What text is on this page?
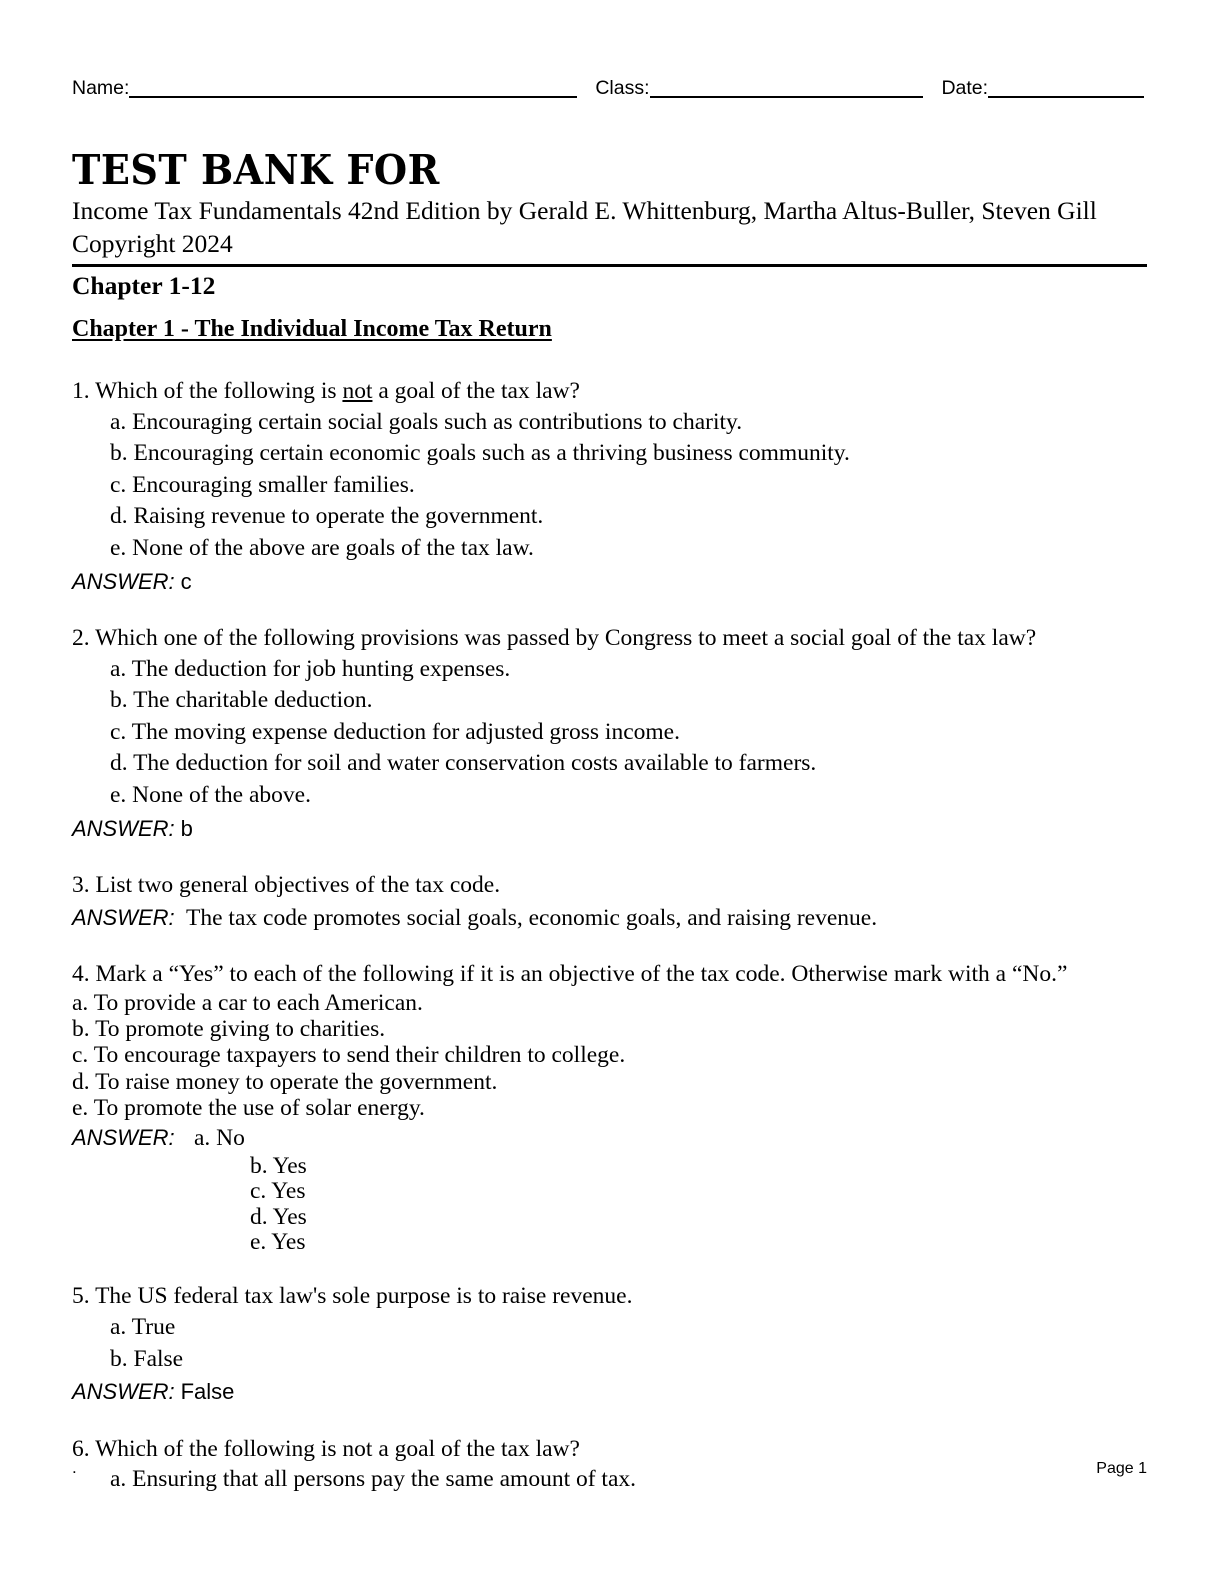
Name:	Class:	Date:
TEST BANK FOR
Income Tax Fundamentals 42nd Edition by Gerald E. Whittenburg, Martha Altus-Buller, Steven Gill
Copyright 2024
Chapter 1-12
Chapter 1 - The Individual Income Tax Return
1. Which of the following is not a goal of the tax law?
a. Encouraging certain social goals such as contributions to charity.
b. Encouraging certain economic goals such as a thriving business community.
c. Encouraging smaller families.
d. Raising revenue to operate the government.
e. None of the above are goals of the tax law.
ANSWER: c
2. Which one of the following provisions was passed by Congress to meet a social goal of the tax law?
a. The deduction for job hunting expenses.
b. The charitable deduction.
c. The moving expense deduction for adjusted gross income.
d. The deduction for soil and water conservation costs available to farmers.
e. None of the above.
ANSWER: b
3. List two general objectives of the tax code.
ANSWER: The tax code promotes social goals, economic goals, and raising revenue.
4. Mark a “Yes” to each of the following if it is an objective of the tax code. Otherwise mark with a “No.”
a. To provide a car to each American.
b. To promote giving to charities.
c. To encourage taxpayers to send their children to college.
d. To raise money to operate the government.
e. To promote the use of solar energy.
ANSWER: a. No
b. Yes
c. Yes
d. Yes
e. Yes
5. The US federal tax law's sole purpose is to raise revenue.
a. True
b. False
ANSWER: False
6. Which of the following is not a goal of the tax law?
a. Ensuring that all persons pay the same amount of tax.
.	Page 1
